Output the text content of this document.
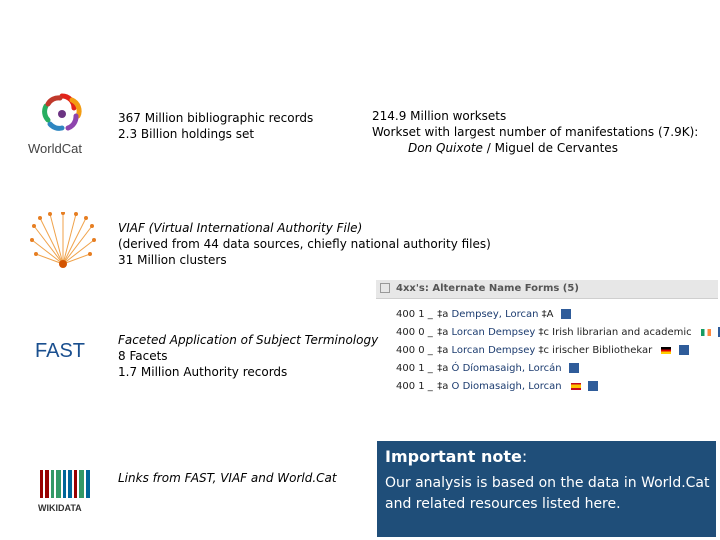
WorldCat
367 Million bibliographic records
2.3 Billion holdings set
214.9 Million worksets
Workset with largest number of manifestations (7.9K):
Don Quixote / Miguel de Cervantes
VIAF (Virtual International Authority File)
(derived from 44 data sources, chiefly national authority files)
31 Million clusters
4xx's: Alternate Name Forms (5)
400 1 _ ‡a Dempsey, Lorcan ‡A
400 0 _ ‡a Lorcan Dempsey ‡c Irish librarian and academic
400 0 _ ‡a Lorcan Dempsey ‡c irischer Bibliothekar
400 1 _ ‡a Ó Díomasaigh, Lorcán
400 1 _ ‡a O Diomasaigh, Lorcan
FAST	Faceted Application of Subject Terminology
8 Facets
1.7 Million Authority records
WIKIDATA
Links from FAST, VIAF and World.Cat
Important note:
Our analysis is based on the data in World.Cat and related resources listed here.
